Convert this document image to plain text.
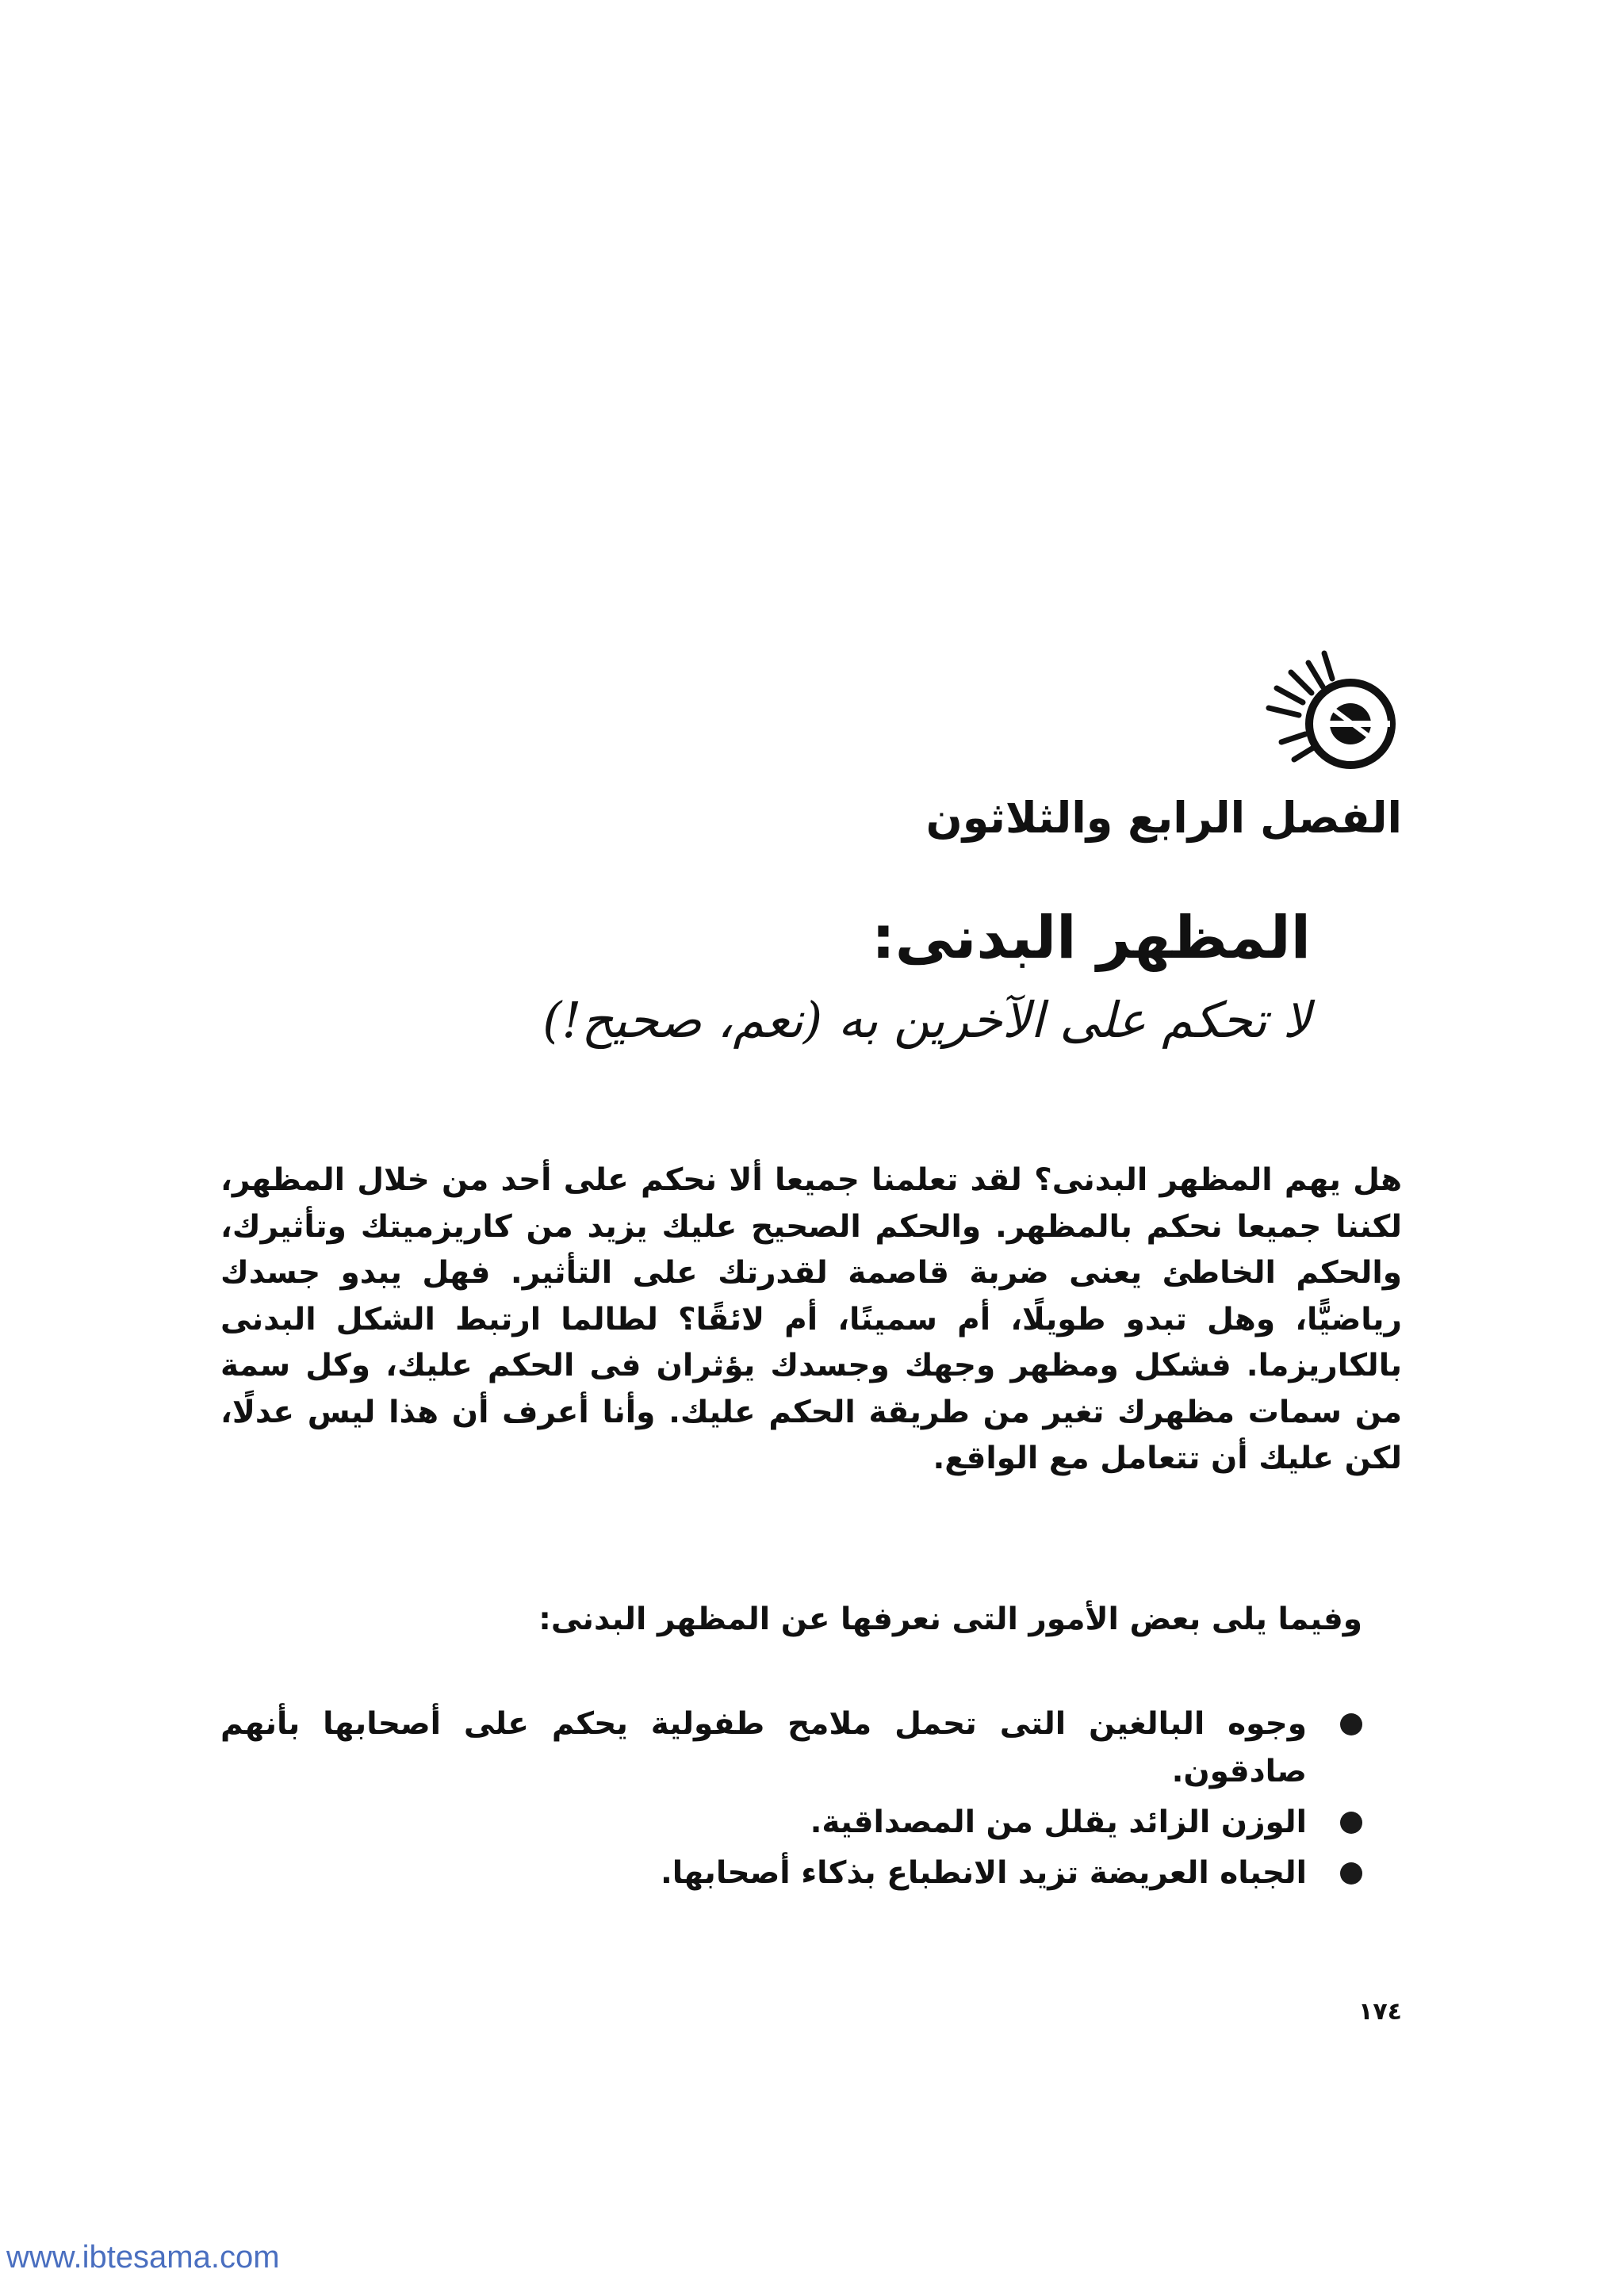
الفصل الرابع والثلاثون
المظهر البدنى:
لا تحكم على الآخرين به (نعم، صحيح!)

هل يهم المظهر البدنى؟ لقد تعلمنا جميعا ألا نحكم على أحد من خلال المظهر، لكننا جميعا نحكم بالمظهر. والحكم الصحيح عليك يزيد من كاريزميتك وتأثيرك، والحكم الخاطئ يعنى ضربة قاصمة لقدرتك على التأثير. فهل يبدو جسدك رياضيًّا، وهل تبدو طويلًا، أم سمينًا، أم لائقًا؟ لطالما ارتبط الشكل البدنى بالكاريزما. فشكل ومظهر وجهك وجسدك يؤثران فى الحكم عليك، وكل سمة من سمات مظهرك تغير من طريقة الحكم عليك. وأنا أعرف أن هذا ليس عدلًا، لكن عليك أن تتعامل مع الواقع.

وفيما يلى بعض الأمور التى نعرفها عن المظهر البدنى:

وجوه البالغين التى تحمل ملامح طفولية يحكم على أصحابها بأنهم صادقون.
الوزن الزائد يقلل من المصداقية.
الجباه العريضة تزيد الانطباع بذكاء أصحابها.
١٧٤
www.ibtesama.com
